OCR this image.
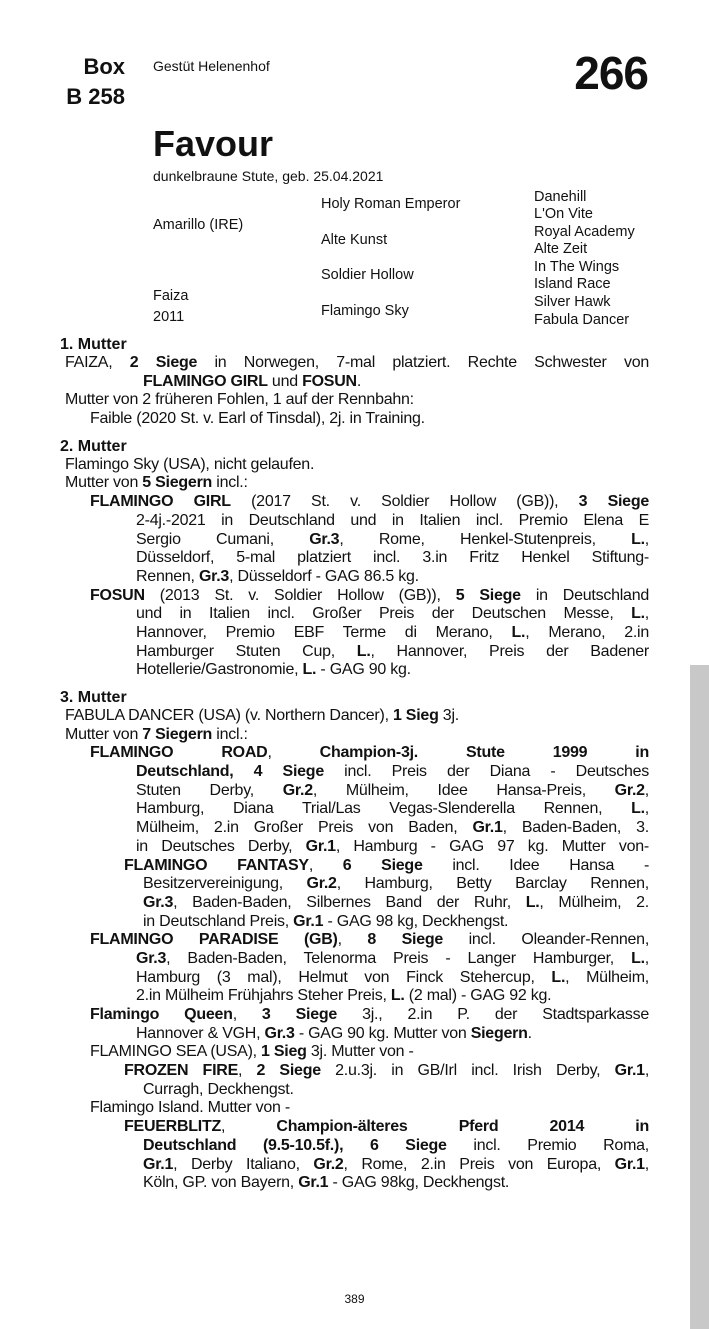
Box
B 258
Gestüt Helenenhof	266
Favour
dunkelbraune Stute, geb. 25.04.2021
Amarillo (IRE)
Faiza
2011
Holy Roman Emperor
Alte Kunst
Soldier Hollow
Flamingo Sky
Danehill
L'On Vite
Royal Academy
Alte Zeit
In The Wings
Island Race
Silver Hawk
Fabula Dancer
1. Mutter
FAIZA, 2 Siege in Norwegen, 7-mal platziert. Rechte Schwester von
FLAMINGO GIRL und FOSUN.
Mutter von 2 früheren Fohlen, 1 auf der Rennbahn:
Faible (2020 St. v. Earl of Tinsdal), 2j. in Training.
2. Mutter
Flamingo Sky (USA), nicht gelaufen.
Mutter von 5 Siegern incl.:
FLAMINGO GIRL (2017 St. v. Soldier Hollow (GB)), 3 Siege
2-4j.-2021 in Deutschland und in Italien incl. Premio Elena E
Sergio Cumani, Gr.3, Rome, Henkel-Stutenpreis, L.,
Düsseldorf, 5-mal platziert incl. 3.in Fritz Henkel Stiftung-
Rennen, Gr.3, Düsseldorf - GAG 86.5 kg.
FOSUN (2013 St. v. Soldier Hollow (GB)), 5 Siege in Deutschland
und in Italien incl. Großer Preis der Deutschen Messe, L.,
Hannover, Premio EBF Terme di Merano, L., Merano, 2.in
Hamburger Stuten Cup, L., Hannover, Preis der Badener
Hotellerie/Gastronomie, L. - GAG 90 kg.
3. Mutter
FABULA DANCER (USA) (v. Northern Dancer), 1 Sieg 3j.
Mutter von 7 Siegern incl.:
FLAMINGO ROAD, Champion-3j. Stute 1999 in
Deutschland, 4 Siege incl. Preis der Diana - Deutsches
Stuten Derby, Gr.2, Mülheim, Idee Hansa-Preis, Gr.2,
Hamburg, Diana Trial/Las Vegas-Slenderella Rennen, L.,
Mülheim, 2.in Großer Preis von Baden, Gr.1, Baden-Baden, 3.
in Deutsches Derby, Gr.1, Hamburg - GAG 97 kg. Mutter von-
FLAMINGO FANTASY, 6 Siege incl. Idee Hansa -
Besitzervereinigung, Gr.2, Hamburg, Betty Barclay Rennen,
Gr.3, Baden-Baden, Silbernes Band der Ruhr, L., Mülheim, 2.
in Deutschland Preis, Gr.1 - GAG 98 kg, Deckhengst.
FLAMINGO PARADISE (GB), 8 Siege incl. Oleander-Rennen,
Gr.3, Baden-Baden, Telenorma Preis - Langer Hamburger, L.,
Hamburg (3 mal), Helmut von Finck Stehercup, L., Mülheim,
2.in Mülheim Frühjahrs Steher Preis, L. (2 mal) - GAG 92 kg.
Flamingo Queen, 3 Siege 3j., 2.in P. der Stadtsparkasse
Hannover & VGH, Gr.3 - GAG 90 kg. Mutter von Siegern.
FLAMINGO SEA (USA), 1 Sieg 3j. Mutter von -
FROZEN FIRE, 2 Siege 2.u.3j. in GB/Irl incl. Irish Derby, Gr.1,
Curragh, Deckhengst.
Flamingo Island. Mutter von -
FEUERBLITZ, Champion-älteres Pferd 2014 in
Deutschland (9.5-10.5f.), 6 Siege incl. Premio Roma,
Gr.1, Derby Italiano, Gr.2, Rome, 2.in Preis von Europa, Gr.1,
Köln, GP. von Bayern, Gr.1 - GAG 98kg, Deckhengst.
389
